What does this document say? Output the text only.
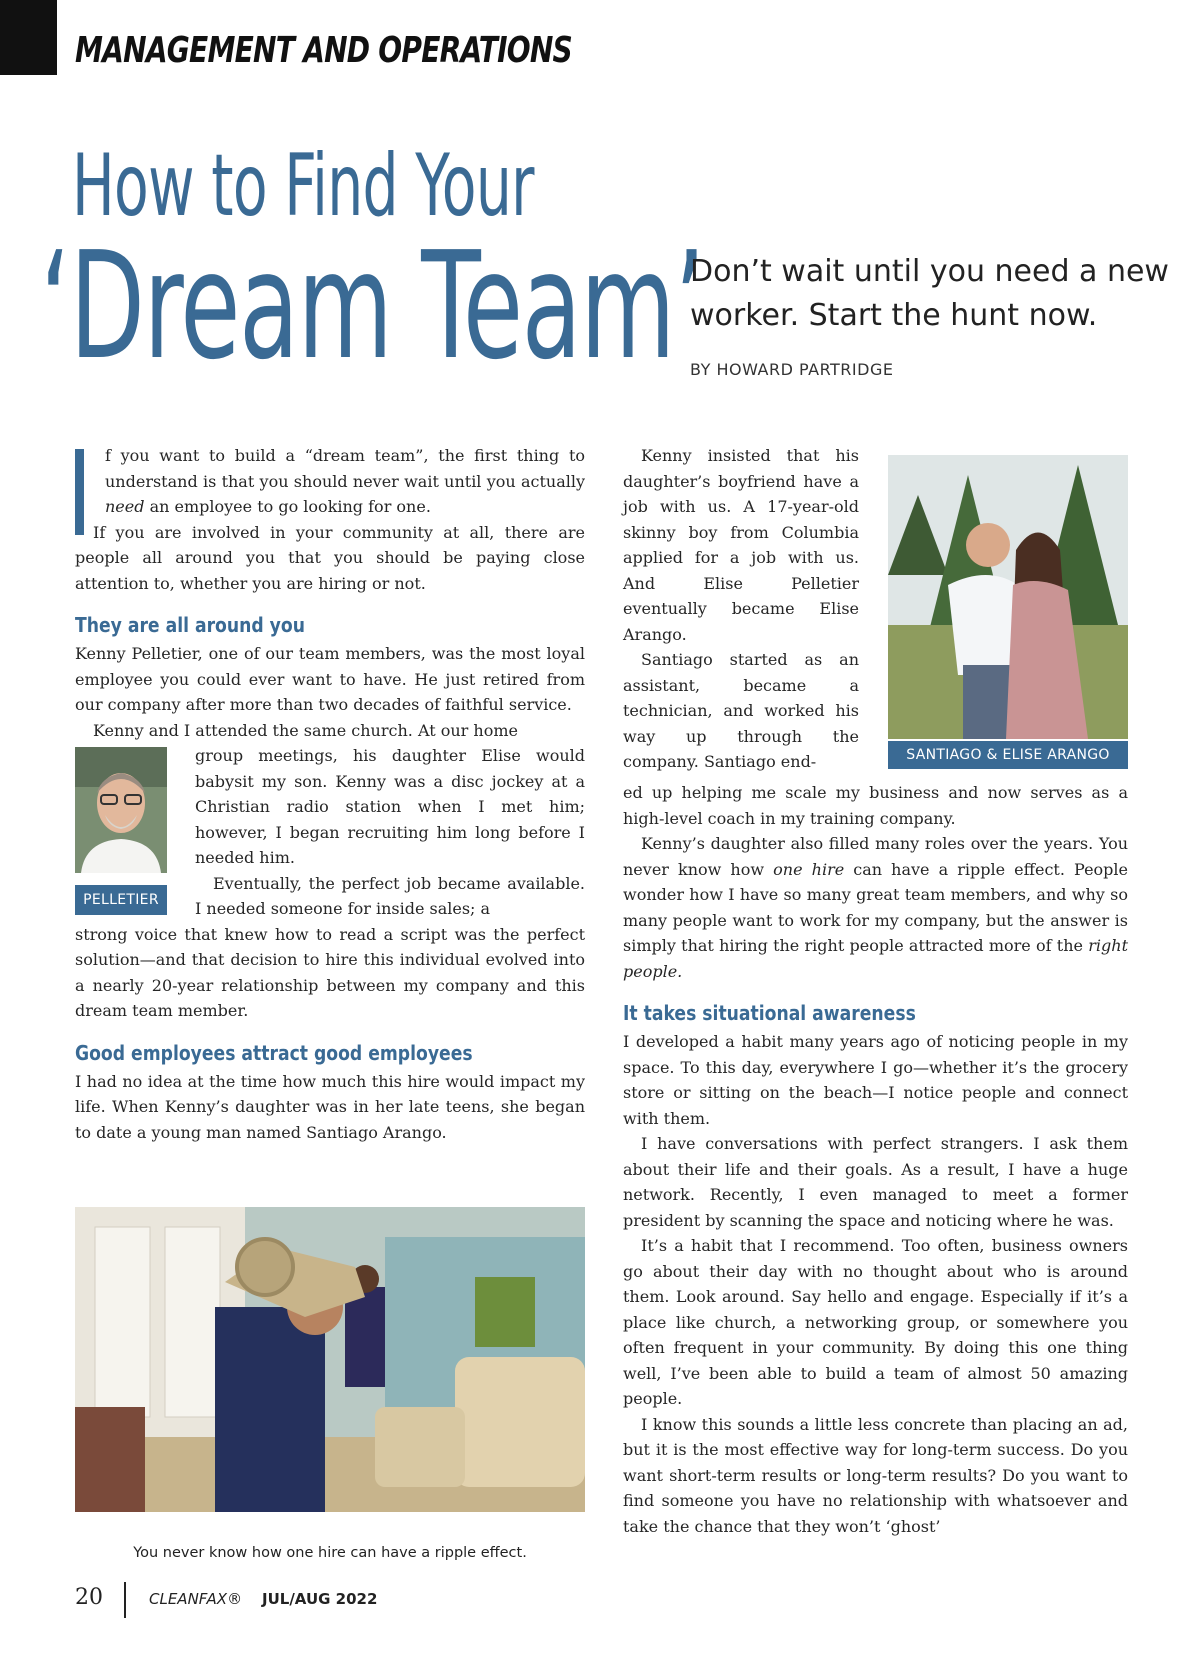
MANAGEMENT AND OPERATIONS
How to Find Your
‘Dream Team’
Don’t wait until you need a new worker. Start the hunt now.
BY HOWARD PARTRIDGE

f you want to build a “dream team”, the first thing to understand is that you should never wait until you actually need an employee to go looking for one.

If you are involved in your community at all, there are people all around you that you should be paying close attention to, whether you are hiring or not.

They are all around you

Kenny Pelletier, one of our team members, was the most loyal employee you could ever want to have. He just retired from our company after more than two decades of faithful service.

Kenny and I attended the same church. At our home

PELLETIER

group meetings, his daughter Elise would babysit my son. Kenny was a disc jockey at a Christian radio station when I met him; however, I began recruiting him long before I needed him.

Eventually, the perfect job became available. I needed someone for inside sales; a

strong voice that knew how to read a script was the perfect solution—and that decision to hire this individual evolved into a nearly 20-year relationship between my company and this dream team member.

Good employees attract good employees

I had no idea at the time how much this hire would impact my life. When Kenny’s daughter was in her late teens, she began to date a young man named Santiago Arango.

You never know how one hire can have a ripple effect.
SANTIAGO & ELISE ARANGO

Kenny insisted that his daughter’s boyfriend have a job with us. A 17-year-old skinny boy from Columbia applied for a job with us. And Elise Pelletier eventually became Elise Arango.

Santiago started as an assistant, became a technician, and worked his way up through the company. Santiago end-

ed up helping me scale my business and now serves as a high-level coach in my training company.

Kenny’s daughter also filled many roles over the years. You never know how one hire can have a ripple effect. People wonder how I have so many great team members, and why so many people want to work for my company, but the answer is simply that hiring the right people attracted more of the right people.

It takes situational awareness

I developed a habit many years ago of noticing people in my space. To this day, everywhere I go—whether it’s the grocery store or sitting on the beach—I notice people and connect with them.

I have conversations with perfect strangers. I ask them about their life and their goals. As a result, I have a huge network. Recently, I even managed to meet a former president by scanning the space and noticing where he was.

It’s a habit that I recommend. Too often, business owners go about their day with no thought about who is around them. Look around. Say hello and engage. Especially if it’s a place like church, a networking group, or somewhere you often frequent in your community. By doing this one thing well, I’ve been able to build a team of almost 50 amazing people.

I know this sounds a little less concrete than placing an ad, but it is the most effective way for long-term success. Do you want short-term results or long-term results? Do you want to find someone you have no relationship with whatsoever and take the chance that they won’t ‘ghost’

20	CLEANFAX® JUL/AUG 2022
